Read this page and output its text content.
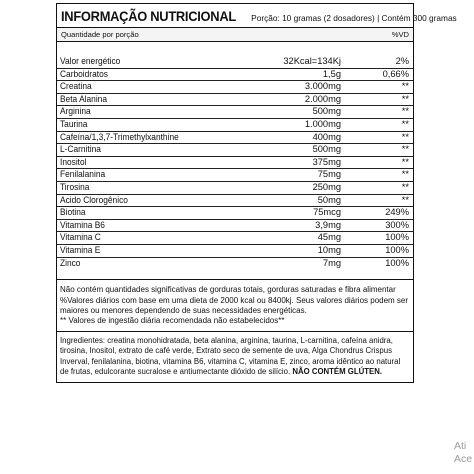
INFORMAÇÃO NUTRICIONAL Porção: 10 gramas (2 dosadores) | Contém 300 gramas
Quantidade por porção	%VD
Valor energético	32Kcal=134Kj	2%
Carboidratos	1,5g	0,66%
Creatina	3.000mg	**
Beta Alanina	2.000mg	**
Arginina	500mg	**
Taurina	1.000mg	**
Cafeína/1,3,7-Trimethylxanthine	400mg	**
L-Carnitina	500mg	**
Inositol	375mg	**
Fenilalanina	75mg	**
Tirosina	250mg	**
Acido Clorogênico	50mg	**
Biotina	75mcg	249%
Vitamina B6	3,9mg	300%
Vitamina C	45mg	100%
Vitamina E	10mg	100%
Zinco	7mg	100%

Não contém quantidades significativas de gorduras totais, gorduras saturadas e fibra alimentar

%Valores diários com base em uma dieta de 2000 kcal ou 8400kj. Seus valores diários podem ser maiores ou menores dependendo de suas necessidades energéticas.

** Valores de ingestão diária recomendada não estabelecidos**

Ingredientes: creatina monohidratada, beta alanina, arginina, taurina, L-carnitina, cafeína anidra, tirosina, Inositol, extrato de café verde, Extrato seco de semente de uva, Alga Chondrus Crispus Inverval, fenilalanina, biotina, vitamina B6, vitamina C, vitamina E, zinco, aroma idêntico ao natural de frutas, edulcorante sucralose e antiumectante dióxido de silício. NÃO CONTÉM GLÚTEN.
Ati
Ace
